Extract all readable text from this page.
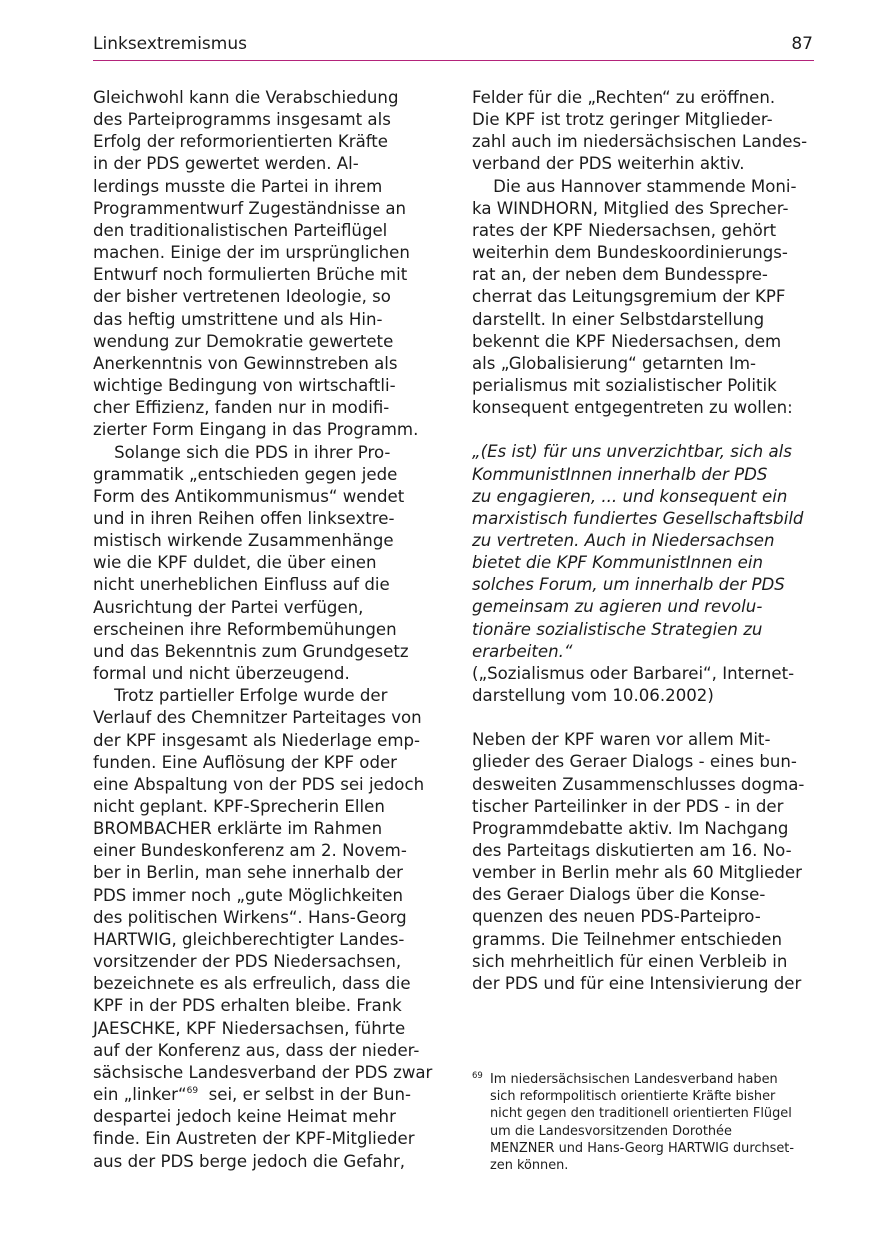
Linksextremismus	87
Gleichwohl kann die Verabschiedung
des Parteiprogramms insgesamt als
Erfolg der reformorientierten Kräfte
in der PDS gewertet werden. Al-
lerdings musste die Partei in ihrem
Programmentwurf Zugeständnisse an
den traditionalistischen Parteiflügel
machen. Einige der im ursprünglichen
Entwurf noch formulierten Brüche mit
der bisher vertretenen Ideologie, so
das heftig umstrittene und als Hin-
wendung zur Demokratie gewertete
Anerkenntnis von Gewinnstreben als
wichtige Bedingung von wirtschaftli-
cher Effizienz, fanden nur in modifi-
zierter Form Eingang in das Programm.
Solange sich die PDS in ihrer Pro-
grammatik „entschieden gegen jede
Form des Antikommunismus“ wendet
und in ihren Reihen offen linksextre-
mistisch wirkende Zusammenhänge
wie die KPF duldet, die über einen
nicht unerheblichen Einfluss auf die
Ausrichtung der Partei verfügen,
erscheinen ihre Reformbemühungen
und das Bekenntnis zum Grundgesetz
formal und nicht überzeugend.
Trotz partieller Erfolge wurde der
Verlauf des Chemnitzer Parteitages von
der KPF insgesamt als Niederlage emp-
funden. Eine Auflösung der KPF oder
eine Abspaltung von der PDS sei jedoch
nicht geplant. KPF-Sprecherin Ellen
BROMBACHER erklärte im Rahmen
einer Bundeskonferenz am 2. Novem-
ber in Berlin, man sehe innerhalb der
PDS immer noch „gute Möglichkeiten
des politischen Wirkens“. Hans-Georg
HARTWIG, gleichberechtigter Landes-
vorsitzender der PDS Niedersachsen,
bezeichnete es als erfreulich, dass die
KPF in der PDS erhalten bleibe. Frank
JAESCHKE, KPF Niedersachsen, führte
auf der Konferenz aus, dass der nieder-
sächsische Landesverband der PDS zwar
ein „linker“$^{69}$  sei, er selbst in der Bun-
despartei jedoch keine Heimat mehr
finde. Ein Austreten der KPF-Mitglieder
aus der PDS berge jedoch die Gefahr,
Felder für die „Rechten“ zu eröffnen.
Die KPF ist trotz geringer Mitglieder-
zahl auch im niedersächsischen Landes-
verband der PDS weiterhin aktiv.
Die aus Hannover stammende Moni-
ka WINDHORN, Mitglied des Sprecher-
rates der KPF Niedersachsen, gehört
weiterhin dem Bundeskoordinierungs-
rat an, der neben dem Bundesspre-
cherrat das Leitungsgremium der KPF
darstellt. In einer Selbstdarstellung
bekennt die KPF Niedersachsen, dem
als „Globalisierung“ getarnten Im-
perialismus mit sozialistischer Politik
konsequent entgegentreten zu wollen:
„(Es ist) für uns unverzichtbar, sich als
KommunistInnen innerhalb der PDS
zu engagieren, ... und konsequent ein
marxistisch fundiertes Gesellschaftsbild
zu vertreten. Auch in Niedersachsen
bietet die KPF KommunistInnen ein
solches Forum, um innerhalb der PDS
gemeinsam zu agieren und revolu-
tionäre sozialistische Strategien zu
erarbeiten.“
(„Sozialismus oder Barbarei“, Internet-
darstellung vom 10.06.2002)
Neben der KPF waren vor allem Mit-
glieder des Geraer Dialogs - eines bun-
desweiten Zusammenschlusses dogma-
tischer Parteilinker in der PDS - in der
Programmdebatte aktiv. Im Nachgang
des Parteitags diskutierten am 16. No-
vember in Berlin mehr als 60 Mitglieder
des Geraer Dialogs über die Konse-
quenzen des neuen PDS-Parteipro-
gramms. Die Teilnehmer entschieden
sich mehrheitlich für einen Verbleib in
der PDS und für eine Intensivierung der
69 Im niedersächsischen Landesverband haben
sich reformpolitisch orientierte Kräfte bisher
nicht gegen den traditionell orientierten Flügel
um die Landesvorsitzenden Dorothée
MENZNER und Hans-Georg HARTWIG durchset-
zen können.
